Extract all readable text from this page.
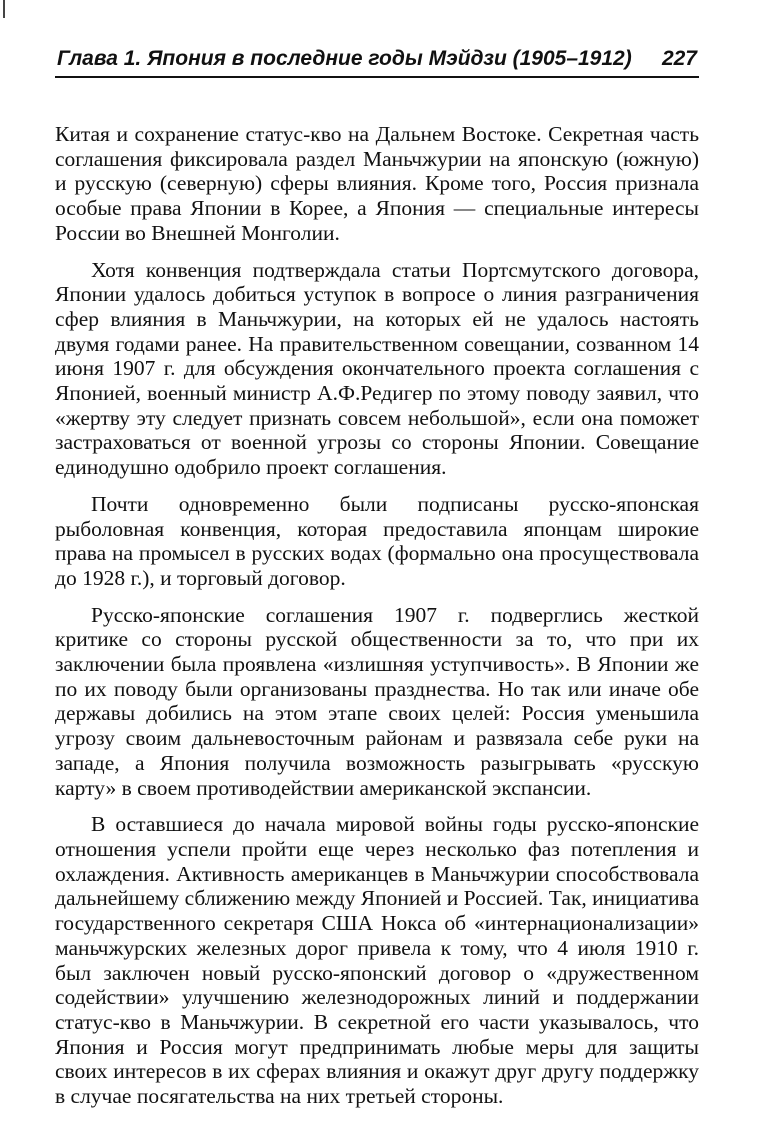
Глава 1. Япония в последние годы Мэйдзи (1905–1912) 227

Китая и сохранение статус-кво на Дальнем Востоке. Секретная часть соглашения фиксировала раздел Маньчжурии на японскую (южную) и русскую (северную) сферы влияния. Кроме того, Россия признала особые права Японии в Корее, а Япония — специальные интересы России во Внешней Монголии.

Хотя конвенция подтверждала статьи Портсмутского договора, Японии удалось добиться уступок в вопросе о линия разграничения сфер влияния в Маньчжурии, на которых ей не удалось настоять двумя годами ранее. На правительственном совещании, созванном 14 июня 1907 г. для обсуждения окончательного проекта соглашения с Японией, военный министр А.Ф.Редигер по этому поводу заявил, что «жертву эту следует признать совсем небольшой», если она поможет застраховаться от военной угрозы со стороны Японии. Совещание единодушно одобрило проект соглашения.

Почти одновременно были подписаны русско-японская рыболовная конвенция, которая предоставила японцам широкие права на промысел в русских водах (формально она просуществовала до 1928 г.), и торговый договор.

Русско-японские соглашения 1907 г. подверглись жесткой критике со стороны русской общественности за то, что при их заключении была проявлена «излишняя уступчивость». В Японии же по их поводу были организованы празднества. Но так или иначе обе державы добились на этом этапе своих целей: Россия уменьшила угрозу своим дальневосточным районам и развязала себе руки на западе, а Япония получила возможность разыгрывать «русскую карту» в своем противодействии американской экспансии.

В оставшиеся до начала мировой войны годы русско-японские отношения успели пройти еще через несколько фаз потепления и охлаждения. Активность американцев в Маньчжурии способствовала дальнейшему сближению между Японией и Россией. Так, инициатива государственного секретаря США Нокса об «интернационализации» маньчжурских железных дорог привела к тому, что 4 июля 1910 г. был заключен новый русско-японский договор о «дружественном содействии» улучшению железнодорожных линий и поддержании статус-кво в Маньчжурии. В секретной его части указывалось, что Япония и Россия могут предпринимать любые меры для защиты своих интересов в их сферах влияния и окажут друг другу поддержку в случае посягательства на них третьей стороны.
